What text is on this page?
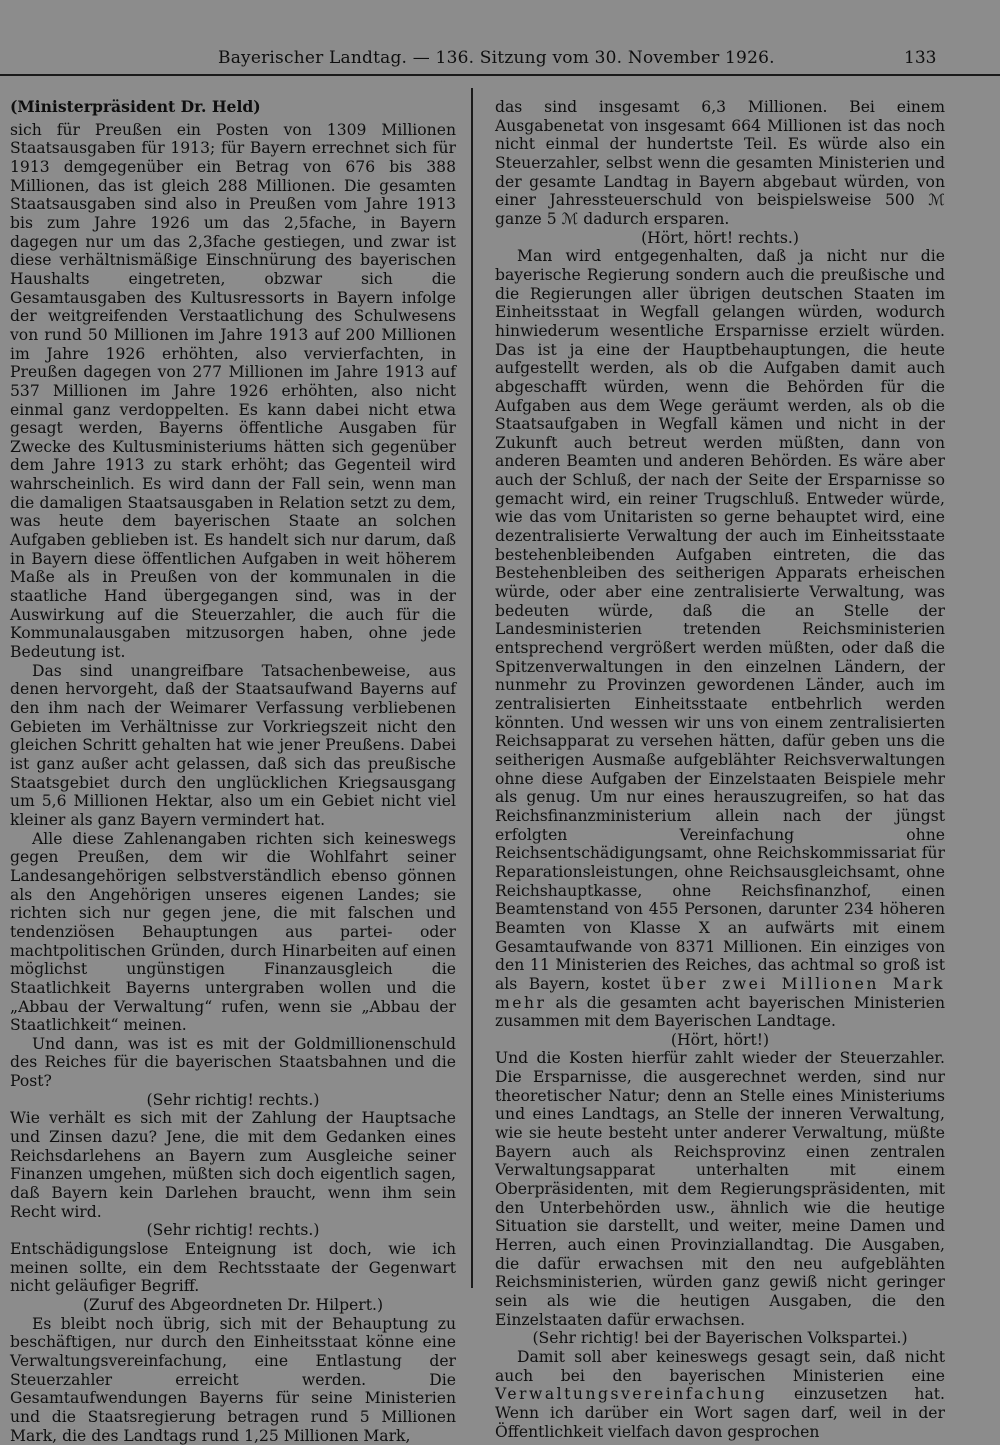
Bayerischer Landtag. — 136. Sitzung vom 30. November 1926.	133
(Ministerpräsident Dr. Held)

sich für Preußen ein Posten von 1309 Millionen Staatsausgaben für 1913; für Bayern errechnet sich für 1913 demgegenüber ein Betrag von 676 bis 388 Millionen, das ist gleich 288 Millionen. Die gesamten Staatsausgaben sind also in Preußen vom Jahre 1913 bis zum Jahre 1926 um das 2,5fache, in Bayern dagegen nur um das 2,3fache gestiegen, und zwar ist diese verhältnismäßige Einschnürung des bayerischen Haushalts eingetreten, obzwar sich die Gesamtausgaben des Kultusressorts in Bayern infolge der weitgreifenden Verstaatlichung des Schulwesens von rund 50 Millionen im Jahre 1913 auf 200 Millionen im Jahre 1926 erhöhten, also vervierfachten, in Preußen dagegen von 277 Millionen im Jahre 1913 auf 537 Millionen im Jahre 1926 erhöhten, also nicht einmal ganz verdoppelten. Es kann dabei nicht etwa gesagt werden, Bayerns öffentliche Ausgaben für Zwecke des Kultusministeriums hätten sich gegenüber dem Jahre 1913 zu stark erhöht; das Gegenteil wird wahrscheinlich. Es wird dann der Fall sein, wenn man die damaligen Staatsausgaben in Relation setzt zu dem, was heute dem bayerischen Staate an solchen Aufgaben geblieben ist. Es handelt sich nur darum, daß in Bayern diese öffentlichen Aufgaben in weit höherem Maße als in Preußen von der kommunalen in die staatliche Hand übergegangen sind, was in der Auswirkung auf die Steuerzahler, die auch für die Kommunalausgaben mitzusorgen haben, ohne jede Bedeutung ist.

Das sind unangreifbare Tatsachenbeweise, aus denen hervorgeht, daß der Staatsaufwand Bayerns auf den ihm nach der Weimarer Verfassung verbliebenen Gebieten im Verhältnisse zur Vorkriegszeit nicht den gleichen Schritt gehalten hat wie jener Preußens. Dabei ist ganz außer acht gelassen, daß sich das preußische Staatsgebiet durch den unglücklichen Kriegsausgang um 5,6 Millionen Hektar, also um ein Gebiet nicht viel kleiner als ganz Bayern vermindert hat.

Alle diese Zahlenangaben richten sich keineswegs gegen Preußen, dem wir die Wohlfahrt seiner Landesangehörigen selbstverständlich ebenso gönnen als den Angehörigen unseres eigenen Landes; sie richten sich nur gegen jene, die mit falschen und tendenziösen Behauptungen aus partei- oder machtpolitischen Gründen, durch Hinarbeiten auf einen möglichst ungünstigen Finanzausgleich die Staatlichkeit Bayerns untergraben wollen und die „Abbau der Verwaltung“ rufen, wenn sie „Abbau der Staatlichkeit“ meinen.

Und dann, was ist es mit der Goldmillionenschuld des Reiches für die bayerischen Staatsbahnen und die Post?

(Sehr richtig! rechts.)

Wie verhält es sich mit der Zahlung der Hauptsache und Zinsen dazu? Jene, die mit dem Gedanken eines Reichsdarlehens an Bayern zum Ausgleiche seiner Finanzen umgehen, müßten sich doch eigentlich sagen, daß Bayern kein Darlehen braucht, wenn ihm sein Recht wird.

(Sehr richtig! rechts.)

Entschädigungslose Enteignung ist doch, wie ich meinen sollte, ein dem Rechtsstaate der Gegenwart nicht geläufiger Begriff.

(Zuruf des Abgeordneten Dr. Hilpert.)

Es bleibt noch übrig, sich mit der Behauptung zu beschäftigen, nur durch den Einheitsstaat könne eine Verwaltungsvereinfachung, eine Entlastung der Steuerzahler erreicht werden. Die Gesamtaufwendungen Bayerns für seine Ministerien und die Staatsregierung betragen rund 5 Millionen Mark, die des Landtags rund 1,25 Millionen Mark,

das sind insgesamt 6,3 Millionen. Bei einem Ausgabenetat von insgesamt 664 Millionen ist das noch nicht einmal der hundertste Teil. Es würde also ein Steuerzahler, selbst wenn die gesamten Ministerien und der gesamte Landtag in Bayern abgebaut würden, von einer Jahressteuerschuld von beispielsweise 500 ℳ ganze 5 ℳ dadurch ersparen.

(Hört, hört! rechts.)

Man wird entgegenhalten, daß ja nicht nur die bayerische Regierung sondern auch die preußische und die Regierungen aller übrigen deutschen Staaten im Einheitsstaat in Wegfall gelangen würden, wodurch hinwiederum wesentliche Ersparnisse erzielt würden. Das ist ja eine der Hauptbehauptungen, die heute aufgestellt werden, als ob die Aufgaben damit auch abgeschafft würden, wenn die Behörden für die Aufgaben aus dem Wege geräumt werden, als ob die Staatsaufgaben in Wegfall kämen und nicht in der Zukunft auch betreut werden müßten, dann von anderen Beamten und anderen Behörden. Es wäre aber auch der Schluß, der nach der Seite der Ersparnisse so gemacht wird, ein reiner Trugschluß. Entweder würde, wie das vom Unitaristen so gerne behauptet wird, eine dezentralisierte Verwaltung der auch im Einheitsstaate bestehenbleibenden Aufgaben eintreten, die das Bestehenbleiben des seitherigen Apparats erheischen würde, oder aber eine zentralisierte Verwaltung, was bedeuten würde, daß die an Stelle der Landesministerien tretenden Reichsministerien entsprechend vergrößert werden müßten, oder daß die Spitzenverwaltungen in den einzelnen Ländern, der nunmehr zu Provinzen gewordenen Länder, auch im zentralisierten Einheitsstaate entbehrlich werden könnten. Und wessen wir uns von einem zentralisierten Reichsapparat zu versehen hätten, dafür geben uns die seitherigen Ausmaße aufgeblähter Reichsverwaltungen ohne diese Aufgaben der Einzelstaaten Beispiele mehr als genug. Um nur eines herauszugreifen, so hat das Reichsfinanzministerium allein nach der jüngst erfolgten Vereinfachung ohne Reichsentschädigungsamt, ohne Reichskommissariat für Reparationsleistungen, ohne Reichsausgleichsamt, ohne Reichshauptkasse, ohne Reichsfinanzhof, einen Beamtenstand von 455 Personen, darunter 234 höheren Beamten von Klasse X an aufwärts mit einem Gesamtaufwande von 8371 Millionen. Ein einziges von den 11 Ministerien des Reiches, das achtmal so groß ist als Bayern, kostet über zwei Millionen Mark mehr als die gesamten acht bayerischen Ministerien zusammen mit dem Bayerischen Landtage.

(Hört, hört!)

Und die Kosten hierfür zahlt wieder der Steuerzahler. Die Ersparnisse, die ausgerechnet werden, sind nur theoretischer Natur; denn an Stelle eines Ministeriums und eines Landtags, an Stelle der inneren Verwaltung, wie sie heute besteht unter anderer Verwaltung, müßte Bayern auch als Reichsprovinz einen zentralen Verwaltungsapparat unterhalten mit einem Oberpräsidenten, mit dem Regierungspräsidenten, mit den Unterbehörden usw., ähnlich wie die heutige Situation sie darstellt, und weiter, meine Damen und Herren, auch einen Provinziallandtag. Die Ausgaben, die dafür erwachsen mit den neu aufgeblähten Reichsministerien, würden ganz gewiß nicht geringer sein als wie die heutigen Ausgaben, die den Einzelstaaten dafür erwachsen.

(Sehr richtig! bei der Bayerischen Volkspartei.)

Damit soll aber keineswegs gesagt sein, daß nicht auch bei den bayerischen Ministerien eine Verwaltungsvereinfachung einzusetzen hat. Wenn ich darüber ein Wort sagen darf, weil in der Öffentlichkeit vielfach davon gesprochen
